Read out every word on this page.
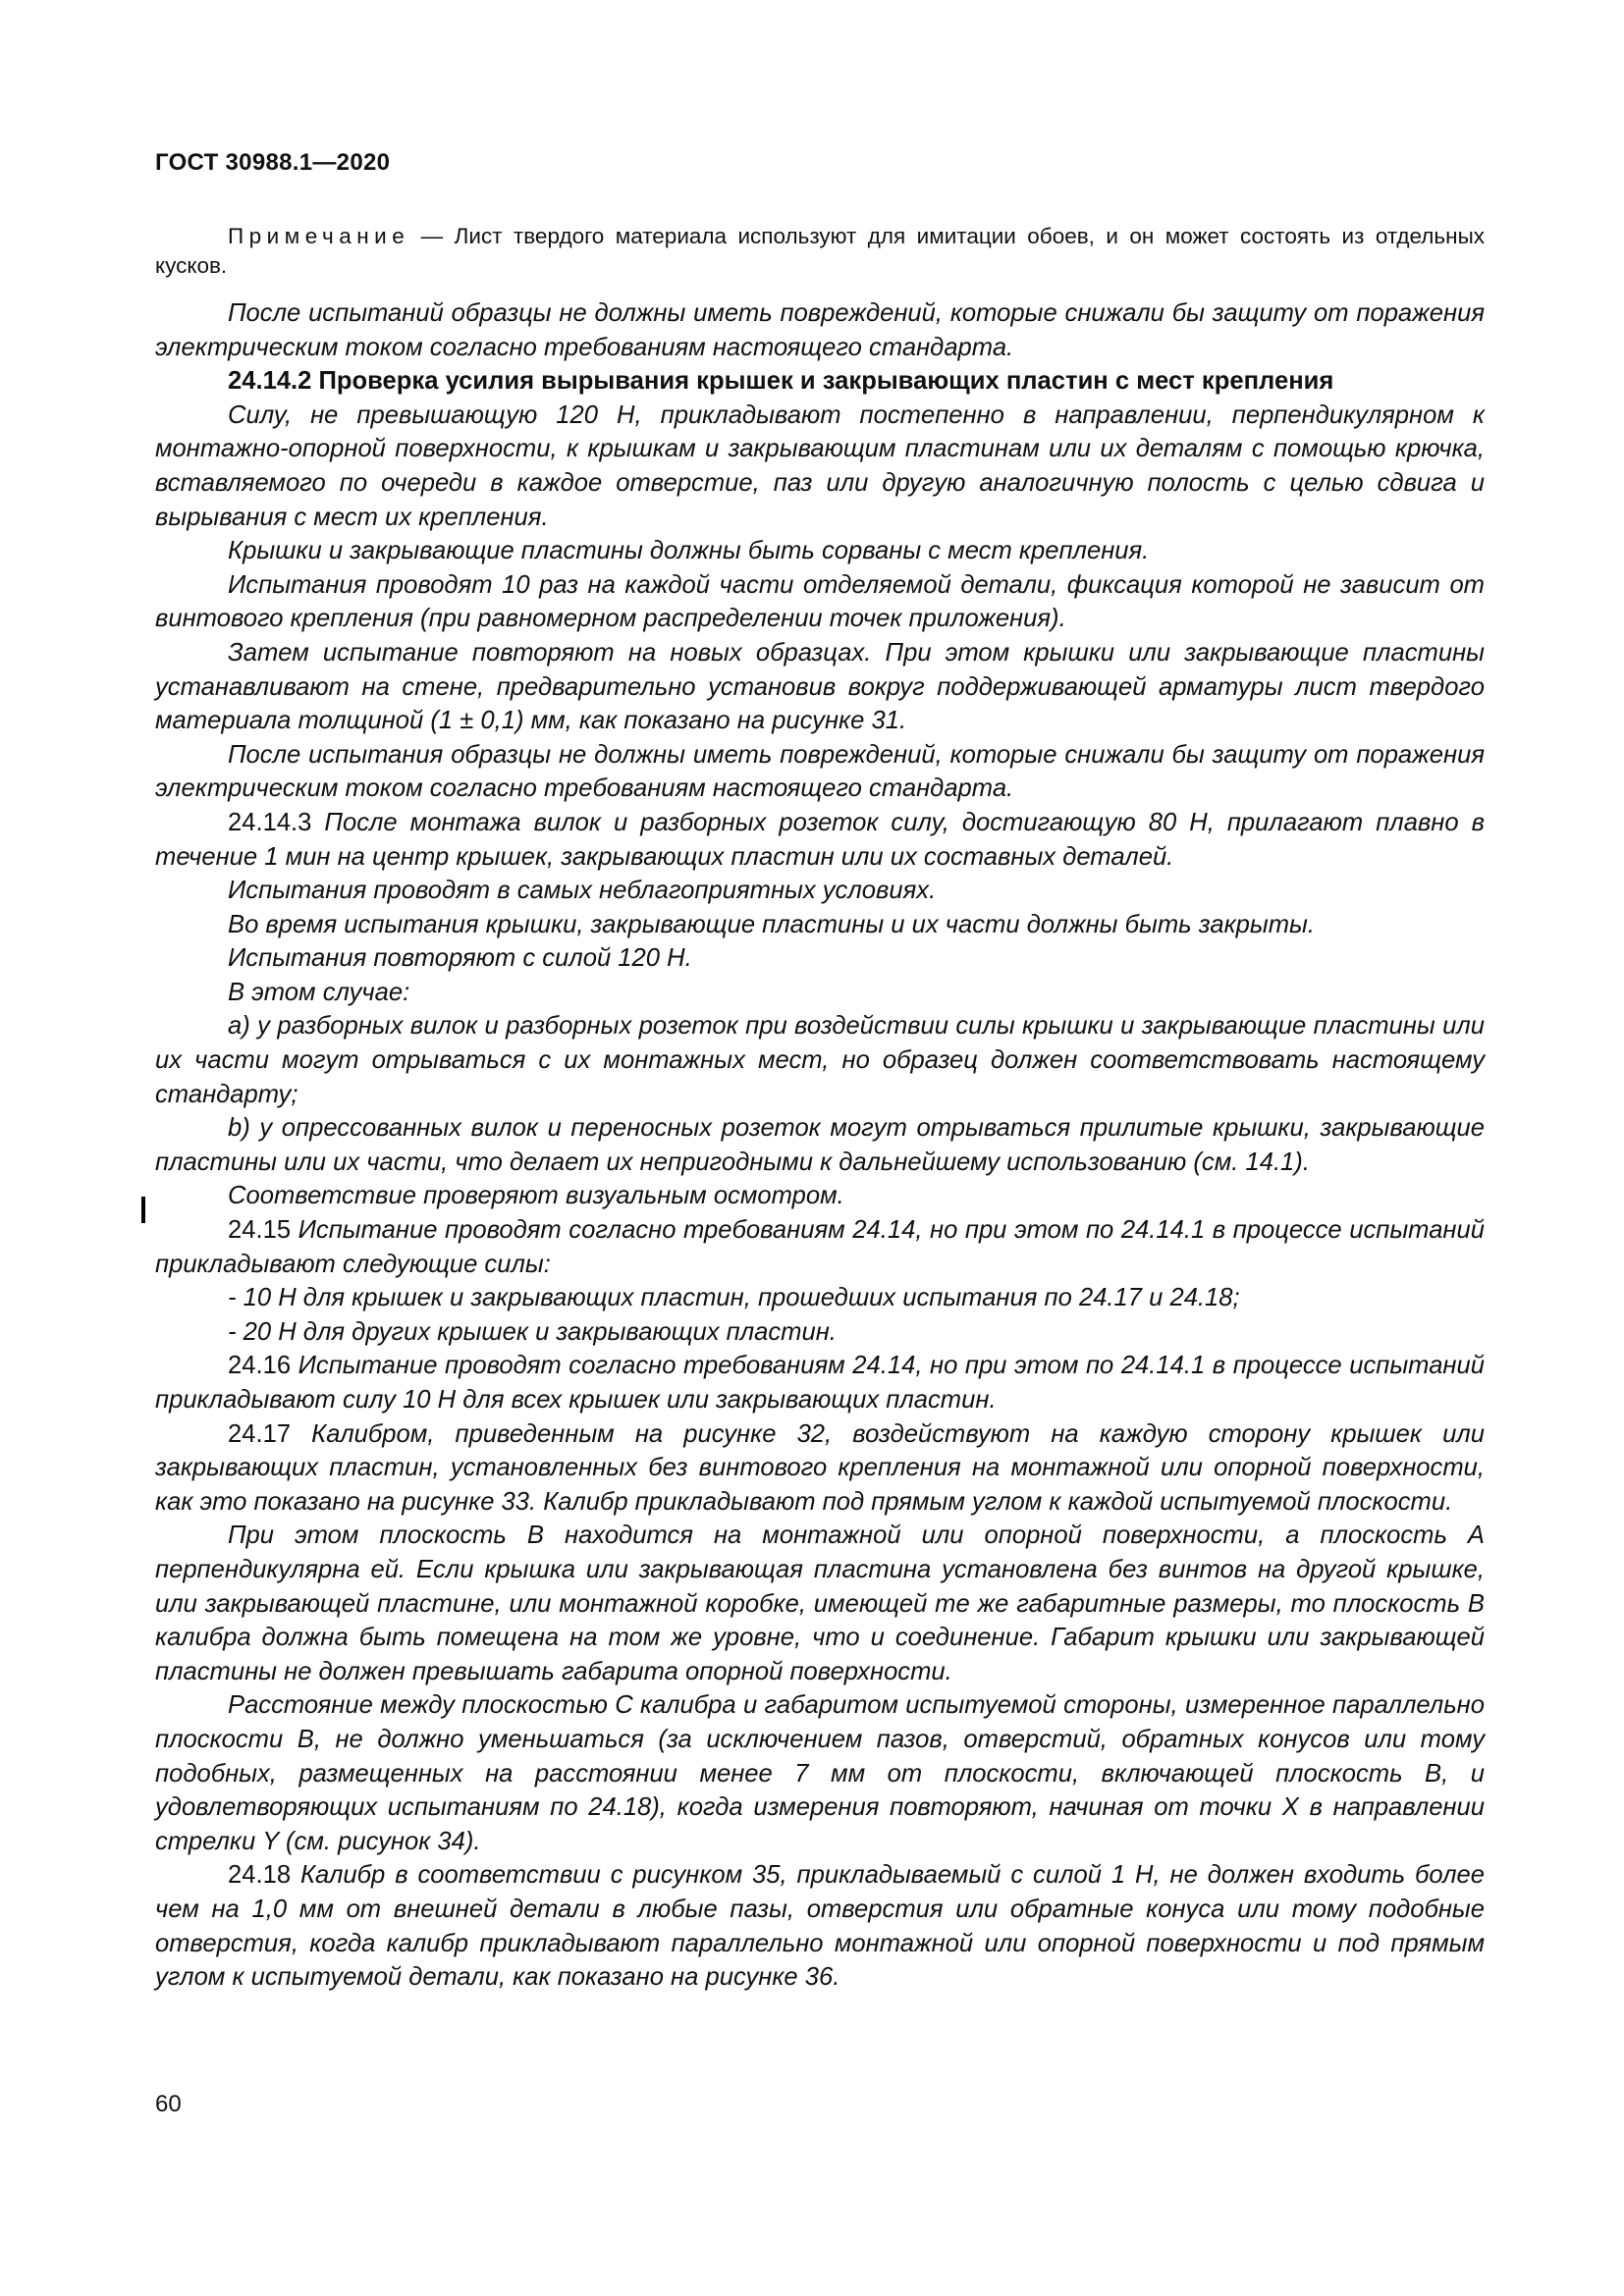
ГОСТ 30988.1—2020

Примечание — Лист твердого материала используют для имитации обоев, и он может состоять из отдельных кусков.

После испытаний образцы не должны иметь повреждений, которые снижали бы защиту от поражения электрическим током согласно требованиям настоящего стандарта.

24.14.2 Проверка усилия вырывания крышек и закрывающих пластин с мест крепления

Силу, не превышающую 120 Н, прикладывают постепенно в направлении, перпендикулярном к монтажно-опорной поверхности, к крышкам и закрывающим пластинам или их деталям с помощью крючка, вставляемого по очереди в каждое отверстие, паз или другую аналогичную полость с целью сдвига и вырывания с мест их крепления.

Крышки и закрывающие пластины должны быть сорваны с мест крепления.

Испытания проводят 10 раз на каждой части отделяемой детали, фиксация которой не зависит от винтового крепления (при равномерном распределении точек приложения).

Затем испытание повторяют на новых образцах. При этом крышки или закрывающие пластины устанавливают на стене, предварительно установив вокруг поддерживающей арматуры лист твердого материала толщиной (1 ± 0,1) мм, как показано на рисунке 31.

После испытания образцы не должны иметь повреждений, которые снижали бы защиту от поражения электрическим током согласно требованиям настоящего стандарта.

24.14.3 После монтажа вилок и разборных розеток силу, достигающую 80 Н, прилагают плавно в течение 1 мин на центр крышек, закрывающих пластин или их составных деталей.

Испытания проводят в самых неблагоприятных условиях.

Во время испытания крышки, закрывающие пластины и их части должны быть закрыты.

Испытания повторяют с силой 120 Н.

В этом случае:

a) у разборных вилок и разборных розеток при воздействии силы крышки и закрывающие пластины или их части могут отрываться с их монтажных мест, но образец должен соответствовать настоящему стандарту;

b) у опрессованных вилок и переносных розеток могут отрываться прилитые крышки, закрывающие пластины или их части, что делает их непригодными к дальнейшему использованию (см. 14.1).

Соответствие проверяют визуальным осмотром.

24.15 Испытание проводят согласно требованиям 24.14, но при этом по 24.14.1 в процессе испытаний прикладывают следующие силы:

- 10 Н для крышек и закрывающих пластин, прошедших испытания по 24.17 и 24.18;

- 20 Н для других крышек и закрывающих пластин.

24.16 Испытание проводят согласно требованиям 24.14, но при этом по 24.14.1 в процессе испытаний прикладывают силу 10 Н для всех крышек или закрывающих пластин.

24.17 Калибром, приведенным на рисунке 32, воздействуют на каждую сторону крышек или закрывающих пластин, установленных без винтового крепления на монтажной или опорной поверхности, как это показано на рисунке 33. Калибр прикладывают под прямым углом к каждой испытуемой плоскости.

При этом плоскость В находится на монтажной или опорной поверхности, а плоскость А перпендикулярна ей. Если крышка или закрывающая пластина установлена без винтов на другой крышке, или закрывающей пластине, или монтажной коробке, имеющей те же габаритные размеры, то плоскость В калибра должна быть помещена на том же уровне, что и соединение. Габарит крышки или закрывающей пластины не должен превышать габарита опорной поверхности.

Расстояние между плоскостью С калибра и габаритом испытуемой стороны, измеренное параллельно плоскости В, не должно уменьшаться (за исключением пазов, отверстий, обратных конусов или тому подобных, размещенных на расстоянии менее 7 мм от плоскости, включающей плоскость В, и удовлетворяющих испытаниям по 24.18), когда измерения повторяют, начиная от точки X в направлении стрелки Y (см. рисунок 34).

24.18 Калибр в соответствии с рисунком 35, прикладываемый с силой 1 Н, не должен входить более чем на 1,0 мм от внешней детали в любые пазы, отверстия или обратные конуса или тому подобные отверстия, когда калибр прикладывают параллельно монтажной или опорной поверхности и под прямым углом к испытуемой детали, как показано на рисунке 36.

60
